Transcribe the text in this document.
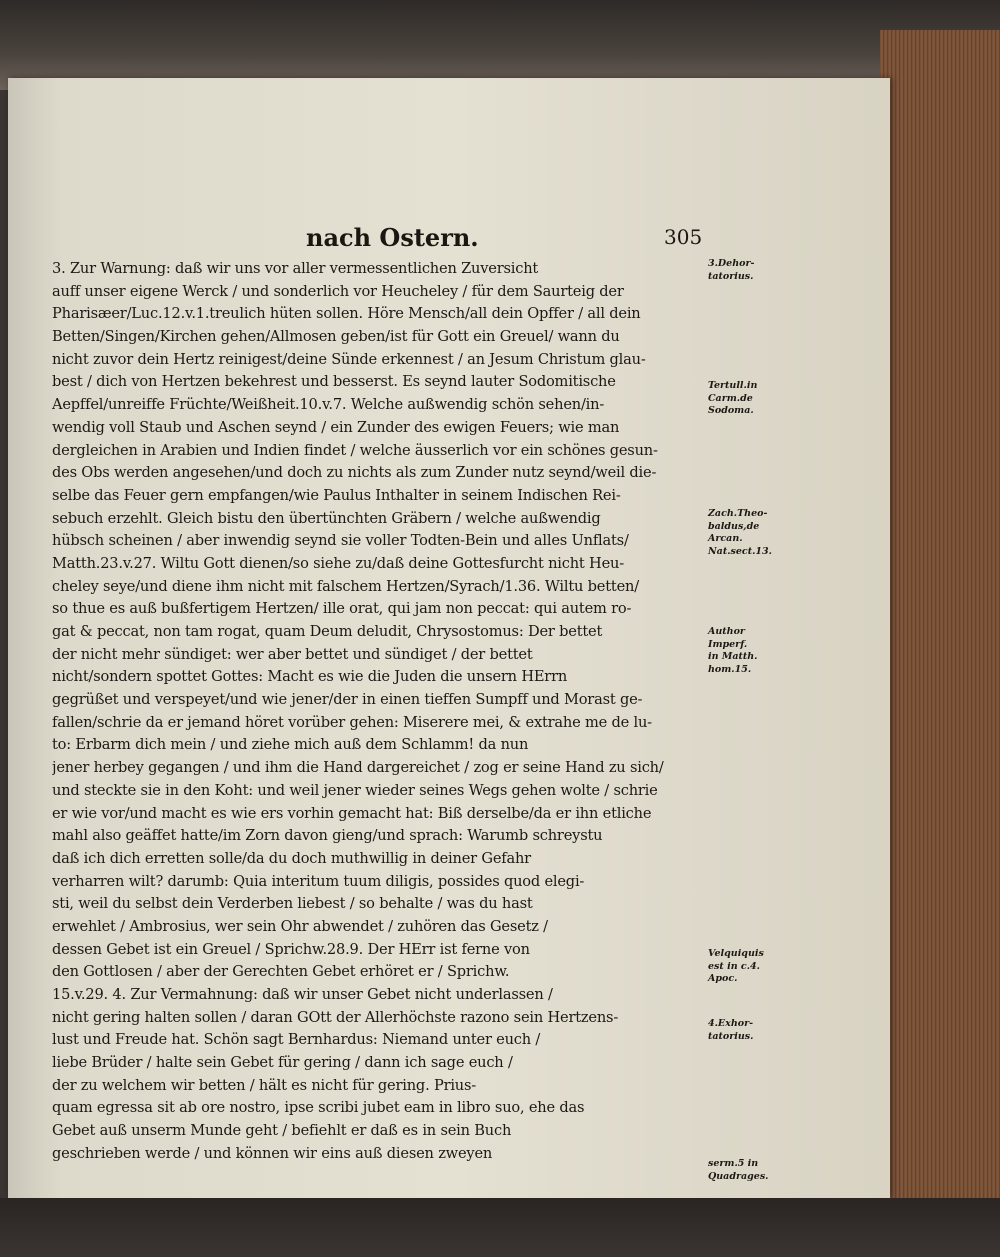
nach Ostern.	305
3. Zur Warnung: daß wir uns vor aller vermessentlichen Zuversicht
auff unser eigene Werck / und sonderlich vor Heucheley / für dem Saurteig der
Pharisæer/Luc.12.v.1.treulich hüten sollen. Höre Mensch/all dein Opffer / all dein
Betten/Singen/Kirchen gehen/Allmosen geben/ist für Gott ein Greuel/ wann du
nicht zuvor dein Hertz reinigest/deine Sünde erkennest / an Jesum Christum glau-
best / dich von Hertzen bekehrest und besserst. Es seynd lauter Sodomitische
Aepffel/unreiffe Früchte/Weißheit.10.v.7. Welche außwendig schön sehen/in-
wendig voll Staub und Aschen seynd / ein Zunder des ewigen Feuers; wie man
dergleichen in Arabien und Indien findet / welche äusserlich vor ein schönes gesun-
des Obs werden angesehen/und doch zu nichts als zum Zunder nutz seynd/weil die-
selbe das Feuer gern empfangen/wie Paulus Inthalter in seinem Indischen Rei-
sebuch erzehlt. Gleich bistu den übertünchten Gräbern / welche außwendig
hübsch scheinen / aber inwendig seynd sie voller Todten-Bein und alles Unflats/
Matth.23.v.27. Wiltu Gott dienen/so siehe zu/daß deine Gottesfurcht nicht Heu-
cheley seye/und diene ihm nicht mit falschem Hertzen/Syrach/1.36. Wiltu betten/
so thue es auß bußfertigem Hertzen/ ille orat, qui jam non peccat: qui autem ro-
gat & peccat, non tam rogat, quam Deum deludit, Chrysostomus: Der bettet
der nicht mehr sündiget: wer aber bettet und sündiget / der bettet
nicht/sondern spottet Gottes: Macht es wie die Juden die unsern HErrn
gegrüßet und verspeyet/und wie jener/der in einen tieffen Sumpff und Morast ge-
fallen/schrie da er jemand höret vorüber gehen: Miserere mei, & extrahe me de lu-
to: Erbarm dich mein / und ziehe mich auß dem Schlamm! da nun
jener herbey gegangen / und ihm die Hand dargereichet / zog er seine Hand zu sich/
und steckte sie in den Koht: und weil jener wieder seines Wegs gehen wolte / schrie
er wie vor/und macht es wie ers vorhin gemacht hat: Biß derselbe/da er ihn etliche
mahl also geäffet hatte/im Zorn davon gieng/und sprach: Warumb schreystu
daß ich dich erretten solle/da du doch muthwillig in deiner Gefahr
verharren wilt? darumb: Quia interitum tuum diligis, possides quod elegi-
sti, weil du selbst dein Verderben liebest / so behalte / was du hast
erwehlet / Ambrosius, wer sein Ohr abwendet / zuhören das Gesetz /
dessen Gebet ist ein Greuel / Sprichw.28.9. Der HErr ist ferne von
den Gottlosen / aber der Gerechten Gebet erhöret er / Sprichw.
15.v.29. 4. Zur Vermahnung: daß wir unser Gebet nicht underlassen /
nicht gering halten sollen / daran GOtt der Allerhöchste razono sein Hertzens-
lust und Freude hat. Schön sagt Bernhardus: Niemand unter euch /
liebe Brüder / halte sein Gebet für gering / dann ich sage euch /
der zu welchem wir betten / hält es nicht für gering. Prius-
quam egressa sit ab ore nostro, ipse scribi jubet eam in libro suo, ehe das
Gebet auß unserm Munde geht / befiehlt er daß es in sein Buch
geschrieben werde / und können wir eins auß diesen zweyen
3.Dehor-
tatorius.
Tertull.in
Carm.de
Sodoma.
Zach.Theo-
baldus,de
Arcan.
Nat.sect.13.
Author
Imperf.
in Matth.
hom.15.
Velquiquis
est in c.4.
Apoc.
4.Exhor-
tatorius.
serm.5 in
Quadrages.
